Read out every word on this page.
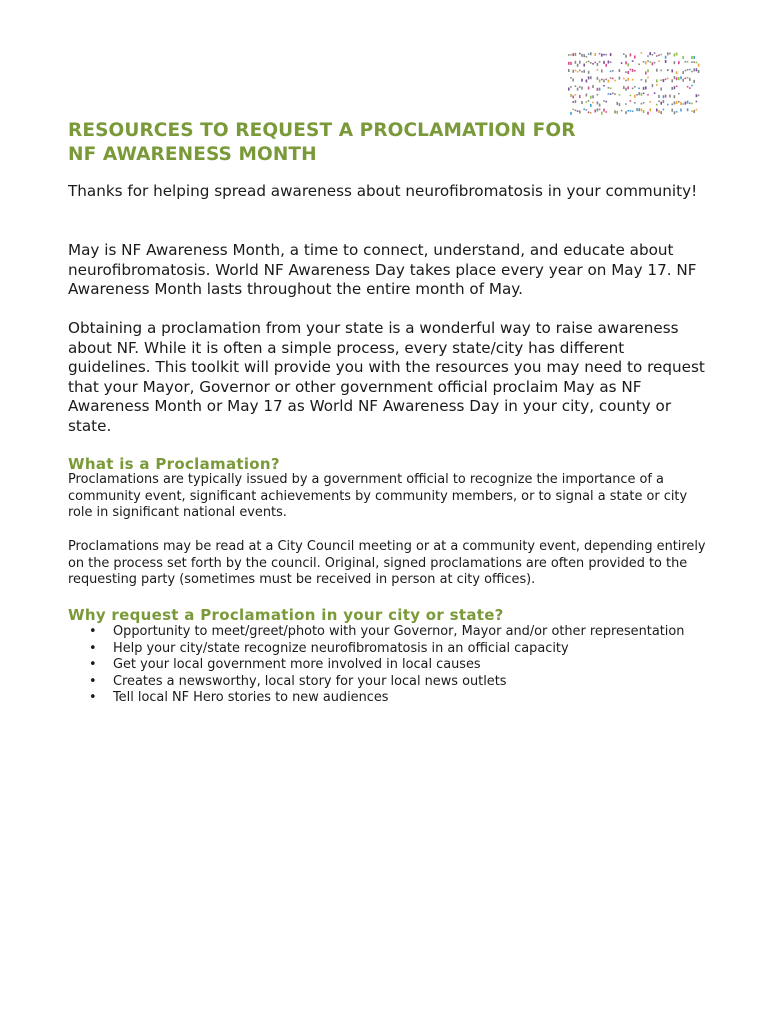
RESOURCES TO REQUEST A PROCLAMATION FOR
NF AWARENESS MONTH

Thanks for helping spread awareness about neurofibromatosis in your community!

May is NF Awareness Month, a time to connect, understand, and educate about neurofibromatosis. World NF Awareness Day takes place every year on May 17. NF Awareness Month lasts throughout the entire month of May.

Obtaining a proclamation from your state is a wonderful way to raise awareness about NF. While it is often a simple process, every state/city has different guidelines. This toolkit will provide you with the resources you may need to request that your Mayor, Governor or other government official proclaim May as NF Awareness Month or May 17 as World NF Awareness Day in your city, county or state.

What is a Proclamation?

Proclamations are typically issued by a government official to recognize the importance of a community event, significant achievements by community members, or to signal a state or city role in significant national events.

Proclamations may be read at a City Council meeting or at a community event, depending entirely on the process set forth by the council. Original, signed proclamations are often provided to the requesting party (sometimes must be received in person at city offices).

Why request a Proclamation in your city or state?
• Opportunity to meet/greet/photo with your Governor, Mayor and/or other representation
• Help your city/state recognize neurofibromatosis in an official capacity
• Get your local government more involved in local causes
• Creates a newsworthy, local story for your local news outlets
• Tell local NF Hero stories to new audiences
